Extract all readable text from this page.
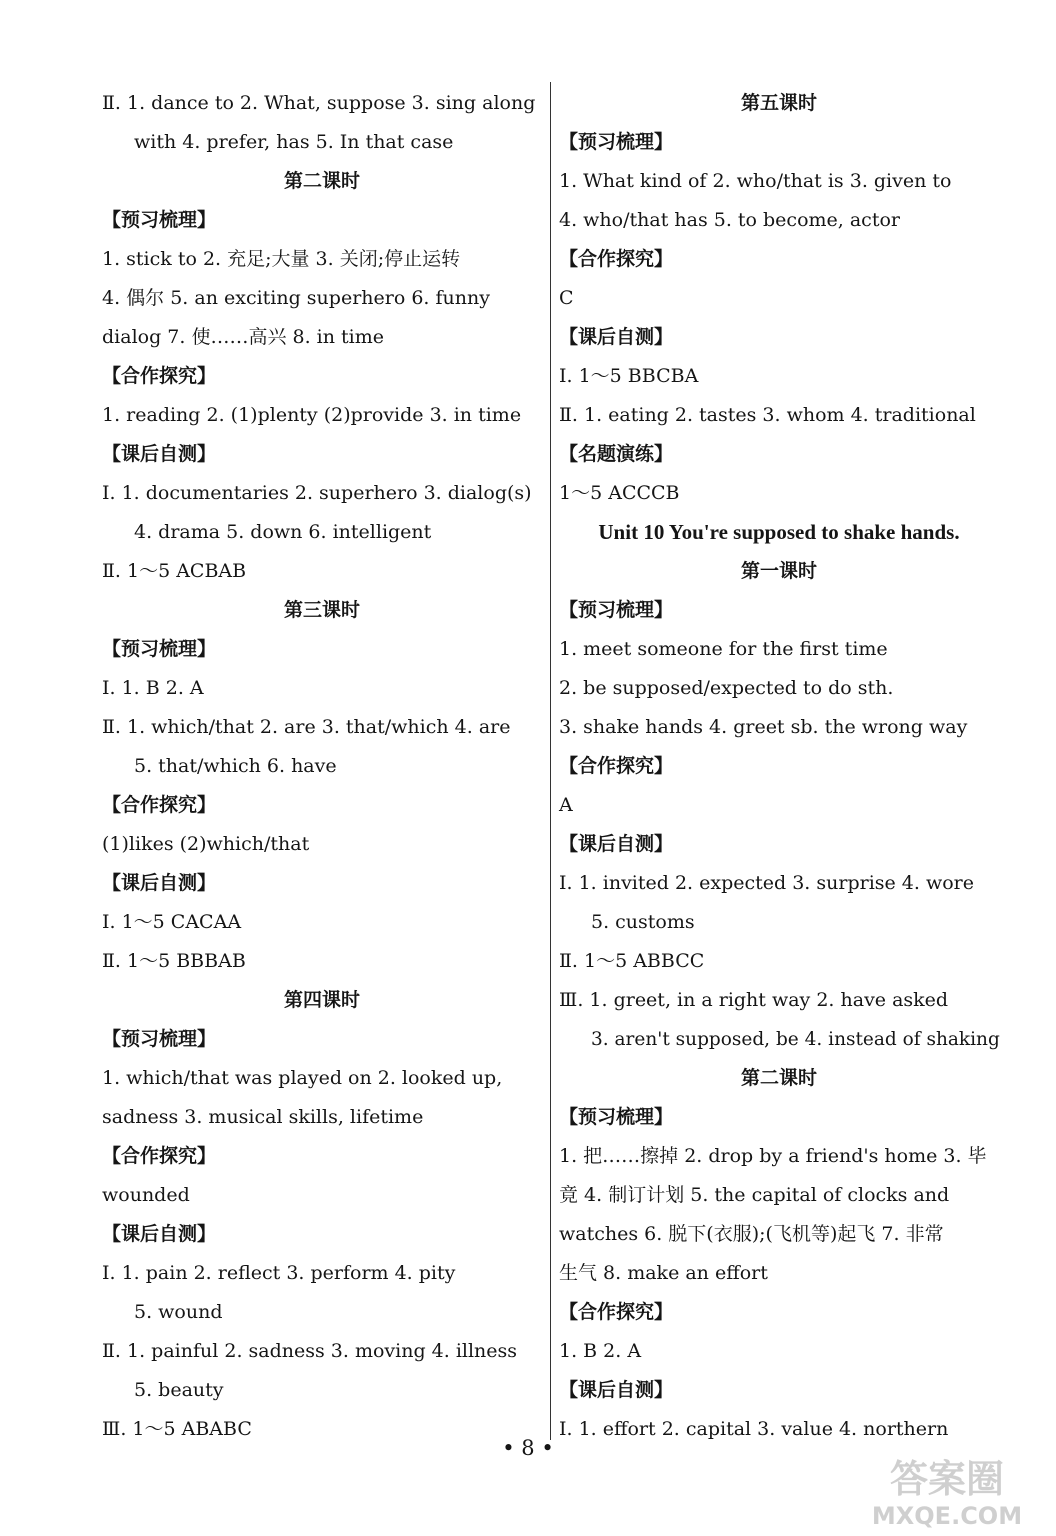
Ⅱ. 1. dance to 2. What, suppose 3. sing along
with 4. prefer, has 5. In that case
第二课时
【预习梳理】
1. stick to 2. 充足;大量 3. 关闭;停止运转
4. 偶尔 5. an exciting superhero 6. funny
dialog 7. 使……高兴 8. in time
【合作探究】
1. reading 2. (1)plenty (2)provide 3. in time
【课后自测】
Ⅰ. 1. documentaries 2. superhero 3. dialog(s)
4. drama 5. down 6. intelligent
Ⅱ. 1～5 ACBAB
第三课时
【预习梳理】
Ⅰ. 1. B 2. A
Ⅱ. 1. which/that 2. are 3. that/which 4. are
5. that/which 6. have
【合作探究】
(1)likes (2)which/that
【课后自测】
Ⅰ. 1～5 CACAA
Ⅱ. 1～5 BBBAB
第四课时
【预习梳理】
1. which/that was played on 2. looked up,
sadness 3. musical skills, lifetime
【合作探究】
wounded
【课后自测】
Ⅰ. 1. pain 2. reflect 3. perform 4. pity
5. wound
Ⅱ. 1. painful 2. sadness 3. moving 4. illness
5. beauty
Ⅲ. 1～5 ABABC
第五课时
【预习梳理】
1. What kind of 2. who/that is 3. given to
4. who/that has 5. to become, actor
【合作探究】
C
【课后自测】
Ⅰ. 1～5 BBCBA
Ⅱ. 1. eating 2. tastes 3. whom 4. traditional
【名题演练】
1～5 ACCCB
Unit 10 You're supposed to shake hands.
第一课时
【预习梳理】
1. meet someone for the first time
2. be supposed/expected to do sth.
3. shake hands 4. greet sb. the wrong way
【合作探究】
A
【课后自测】
Ⅰ. 1. invited 2. expected 3. surprise 4. wore
5. customs
Ⅱ. 1～5 ABBCC
Ⅲ. 1. greet, in a right way 2. have asked
3. aren't supposed, be 4. instead of shaking
第二课时
【预习梳理】
1. 把……擦掉 2. drop by a friend's home 3. 毕
竟 4. 制订计划 5. the capital of clocks and
watches 6. 脱下(衣服);(飞机等)起飞 7. 非常
生气 8. make an effort
【合作探究】
1. B 2. A
【课后自测】
Ⅰ. 1. effort 2. capital 3. value 4. northern
• 8 •
答案圈
MXQE.COM
